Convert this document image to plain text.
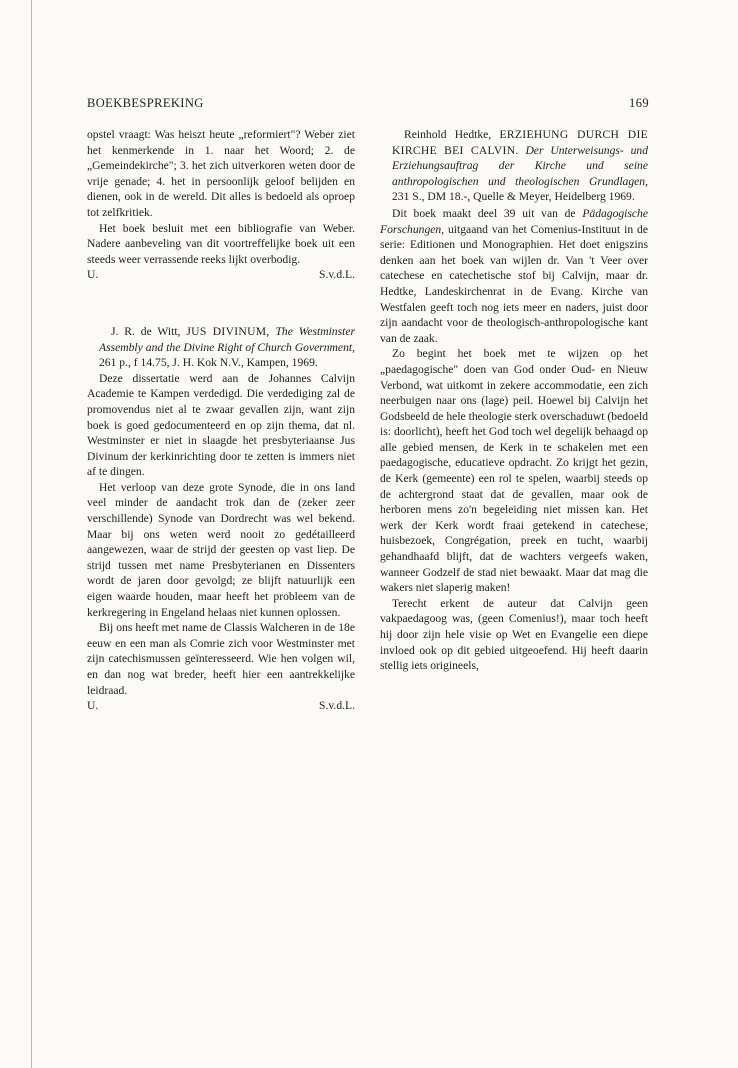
BOEKBESPREKING	169

opstel vraagt: Was heiszt heute „reformiert"? Weber ziet het kenmerkende in 1. naar het Woord; 2. de „Gemeindekirche"; 3. het zich uitverkoren weten door de vrije genade; 4. het in persoonlijk geloof belijden en dienen, ook in de wereld. Dit alles is bedoeld als oproep tot zelfkritiek.

Het boek besluit met een bibliografie van Weber. Nadere aanbeveling van dit voortreffelijke boek uit een steeds weer verrassende reeks lijkt overbodig.

U.	S.v.d.L.

J. R. de Witt, JUS DIVINUM, The Westminster Assembly and the Divine Right of Church Government, 261 p., f 14.75, J. H. Kok N.V., Kampen, 1969.

Deze dissertatie werd aan de Johannes Calvijn Academie te Kampen verdedigd. Die verdediging zal de promovendus niet al te zwaar gevallen zijn, want zijn boek is goed gedocumenteerd en op zijn thema, dat nl. Westminster er niet in slaagde het presbyteriaanse Jus Divinum der kerkinrichting door te zetten is immers niet af te dingen.

Het verloop van deze grote Synode, die in ons land veel minder de aandacht trok dan de (zeker zeer verschillende) Synode van Dordrecht was wel bekend. Maar bij ons weten werd nooit zo gedétailleerd aangewezen, waar de strijd der geesten op vast liep. De strijd tussen met name Presbyterianen en Dissenters wordt de jaren door gevolgd; ze blijft natuurlijk een eigen waarde houden, maar heeft het probleem van de kerkregering in Engeland helaas niet kunnen oplossen.

Bij ons heeft met name de Classis Walcheren in de 18e eeuw en een man als Comrie zich voor Westminster met zijn catechismussen geïnteresseerd. Wie hen volgen wil, en dan nog wat breder, heeft hier een aantrekkelijke leidraad.

U.	S.v.d.L.

Reinhold Hedtke, ERZIEHUNG DURCH DIE KIRCHE BEI CALVIN. Der Unterweisungs- und Erziehungsauftrag der Kirche und seine anthropologischen und theologischen Grundlagen, 231 S., DM 18.-, Quelle & Meyer, Heidelberg 1969.

Dit boek maakt deel 39 uit van de Pädagogische Forschungen, uitgaand van het Comenius-Instituut in de serie: Editionen und Monographien. Het doet enigszins denken aan het boek van wijlen dr. Van 't Veer over catechese en catechetische stof bij Calvijn, maar dr. Hedtke, Landeskirchenrat in de Evang. Kirche van Westfalen geeft toch nog iets meer en naders, juist door zijn aandacht voor de theologisch-anthropologische kant van de zaak.

Zo begint het boek met te wijzen op het „paedagogische" doen van God onder Oud- en Nieuw Verbond, wat uitkomt in zekere accommodatie, een zich neerbuigen naar ons (lage) peil. Hoewel bij Calvijn het Godsbeeld de hele theologie sterk overschaduwt (bedoeld is: doorlicht), heeft het God toch wel degelijk behaagd op alle gebied mensen, de Kerk in te schakelen met een paedagogische, educatieve opdracht. Zo krijgt het gezin, de Kerk (gemeente) een rol te spelen, waarbij steeds op de achtergrond staat dat de gevallen, maar ook de herboren mens zo'n begeleiding niet missen kan. Het werk der Kerk wordt fraai getekend in catechese, huisbezoek, Congrégation, preek en tucht, waarbij gehandhaafd blijft, dat de wachters vergeefs waken, wanneer Godzelf de stad niet bewaakt. Maar dat mag die wakers niet slaperig maken!

Terecht erkent de auteur dat Calvijn geen vakpaedagoog was, (geen Comenius!), maar toch heeft hij door zijn hele visie op Wet en Evangelie een diepe invloed ook op dit gebied uitgeoefend. Hij heeft daarin stellig iets origineels,
